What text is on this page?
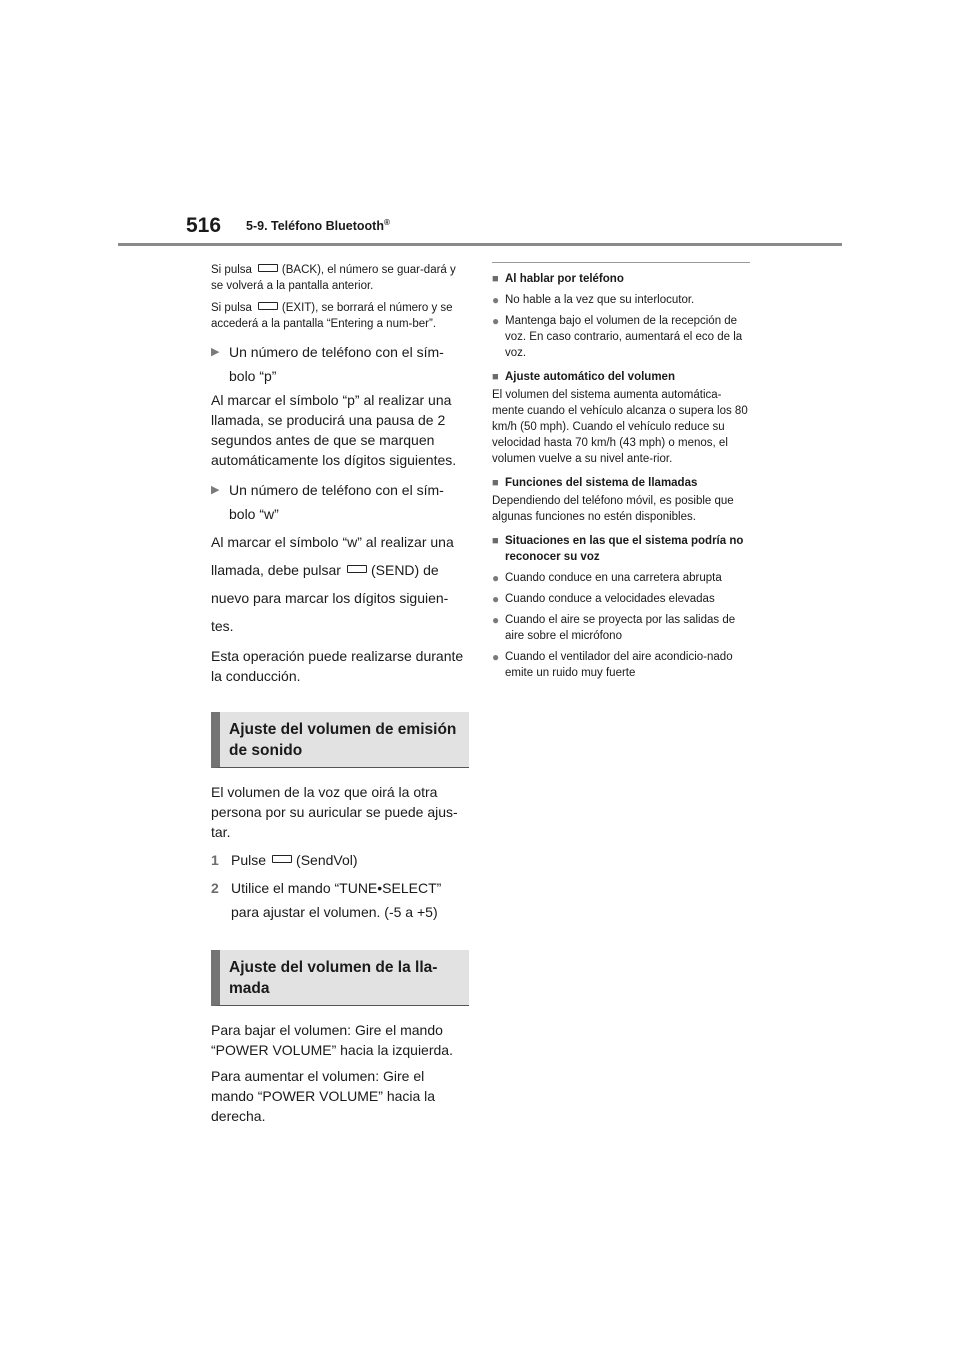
516 5-9. Teléfono Bluetooth®

Si pulsa	(BACK), el número se guar-dará y se volverá a la pantalla anterior.

Si pulsa	(EXIT), se borrará el número y se accederá a la pantalla “Entering a num-ber”.

▶ Un número de teléfono con el sím-bolo “p”

Al marcar el símbolo “p” al realizar una llamada, se producirá una pausa de 2 segundos antes de que se marquen automáticamente los dígitos siguientes.

▶ Un número de teléfono con el sím-bolo “w”

Al marcar el símbolo “w” al realizar una llamada, debe pulsar (SEND) de nuevo para marcar los dígitos siguien-tes.

Esta operación puede realizarse durante la conducción.

Ajuste del volumen de emisión de sonido

El volumen de la voz que oirá la otra persona por su auricular se puede ajus-tar.

1 Pulse (SendVol)
2 Utilice el mando “TUNE•SELECT” para ajustar el volumen. (-5 a +5)
Ajuste del volumen de la lla-mada

Para bajar el volumen: Gire el mando “POWER VOLUME” hacia la izquierda.

Para aumentar el volumen: Gire el mando “POWER VOLUME” hacia la derecha.

■ Al hablar por teléfono
● No hable a la vez que su interlocutor.
● Mantenga bajo el volumen de la recepción de voz. En caso contrario, aumentará el eco de la voz.
■ Ajuste automático del volumen

El volumen del sistema aumenta automática-mente cuando el vehículo alcanza o supera los 80 km/h (50 mph). Cuando el vehículo reduce su velocidad hasta 70 km/h (43 mph) o menos, el volumen vuelve a su nivel ante-rior.

■ Funciones del sistema de llamadas

Dependiendo del teléfono móvil, es posible que algunas funciones no estén disponibles.

■ Situaciones en las que el sistema podría no reconocer su voz
● Cuando conduce en una carretera abrupta
● Cuando conduce a velocidades elevadas
● Cuando el aire se proyecta por las salidas de aire sobre el micrófono
● Cuando el ventilador del aire acondicio-nado emite un ruido muy fuerte
